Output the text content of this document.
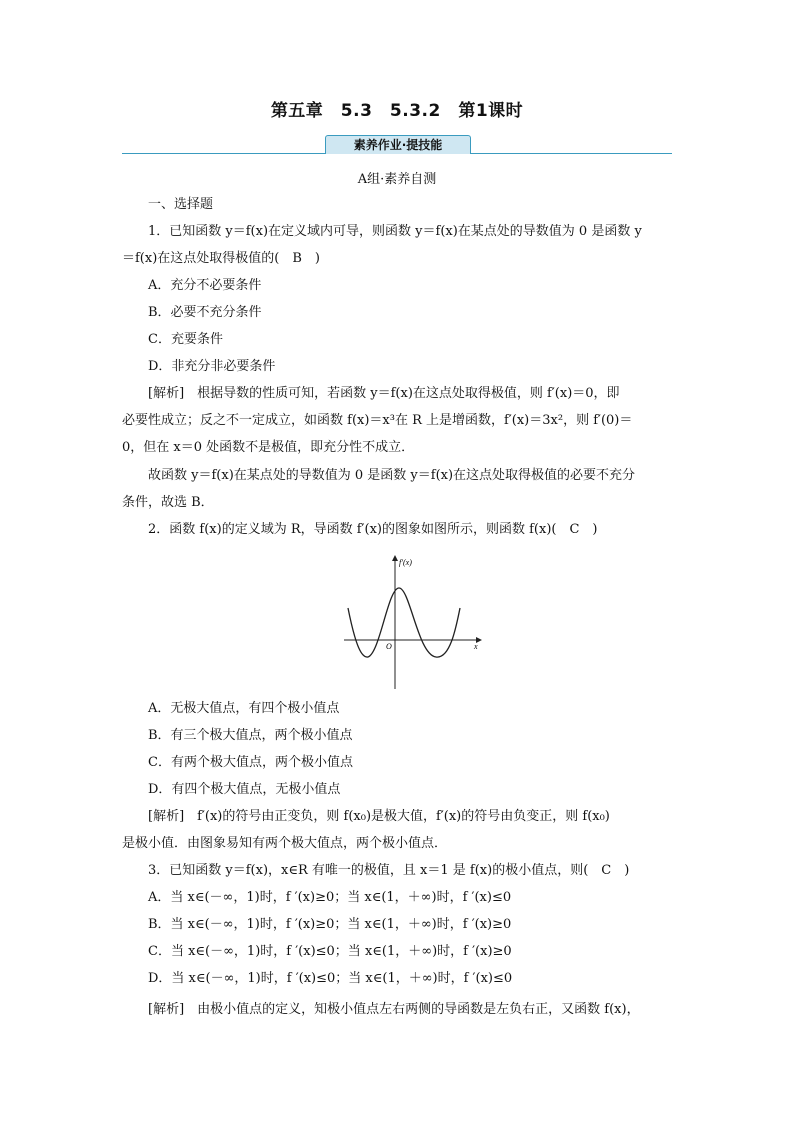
第五章　5.3　5.3.2　第1课时
素养作业·提技能
A组·素养自测
一、选择题
1．已知函数 y＝f(x)在定义域内可导，则函数 y＝f(x)在某点处的导数值为 0 是函数 y
＝f(x)在这点处取得极值的(　B　)
A．充分不必要条件
B．必要不充分条件
C．充要条件
D．非充分非必要条件
[解析]　根据导数的性质可知，若函数 y＝f(x)在这点处取得极值，则 f′(x)＝0，即
必要性成立；反之不一定成立，如函数 f(x)＝x³在 R 上是增函数，f′(x)＝3x²，则 f′(0)＝
0，但在 x＝0 处函数不是极值，即充分性不成立．
故函数 y＝f(x)在某点处的导数值为 0 是函数 y＝f(x)在这点处取得极值的必要不充分
条件，故选 B．
2．函数 f(x)的定义域为 R，导函数 f′(x)的图象如图所示，则函数 f(x)(　C　)
f′(x)
O	x
A．无极大值点，有四个极小值点
B．有三个极大值点，两个极小值点
C．有两个极大值点，两个极小值点
D．有四个极大值点，无极小值点
[解析]　f′(x)的符号由正变负，则 f(x₀)是极大值，f′(x)的符号由负变正，则 f(x₀)
是极小值．由图象易知有两个极大值点，两个极小值点．
3．已知函数 y＝f(x)，x∈R 有唯一的极值，且 x＝1 是 f(x)的极小值点，则(　C　)
A．当 x∈(－∞，1)时，f ′(x)≥0；当 x∈(1，＋∞)时，f ′(x)≤0
B．当 x∈(－∞，1)时，f ′(x)≥0；当 x∈(1，＋∞)时，f ′(x)≥0
C．当 x∈(－∞，1)时，f ′(x)≤0；当 x∈(1，＋∞)时，f ′(x)≥0
D．当 x∈(－∞，1)时，f ′(x)≤0；当 x∈(1，＋∞)时，f ′(x)≤0
[解析]　由极小值点的定义，知极小值点左右两侧的导函数是左负右正，又函数 f(x)，
